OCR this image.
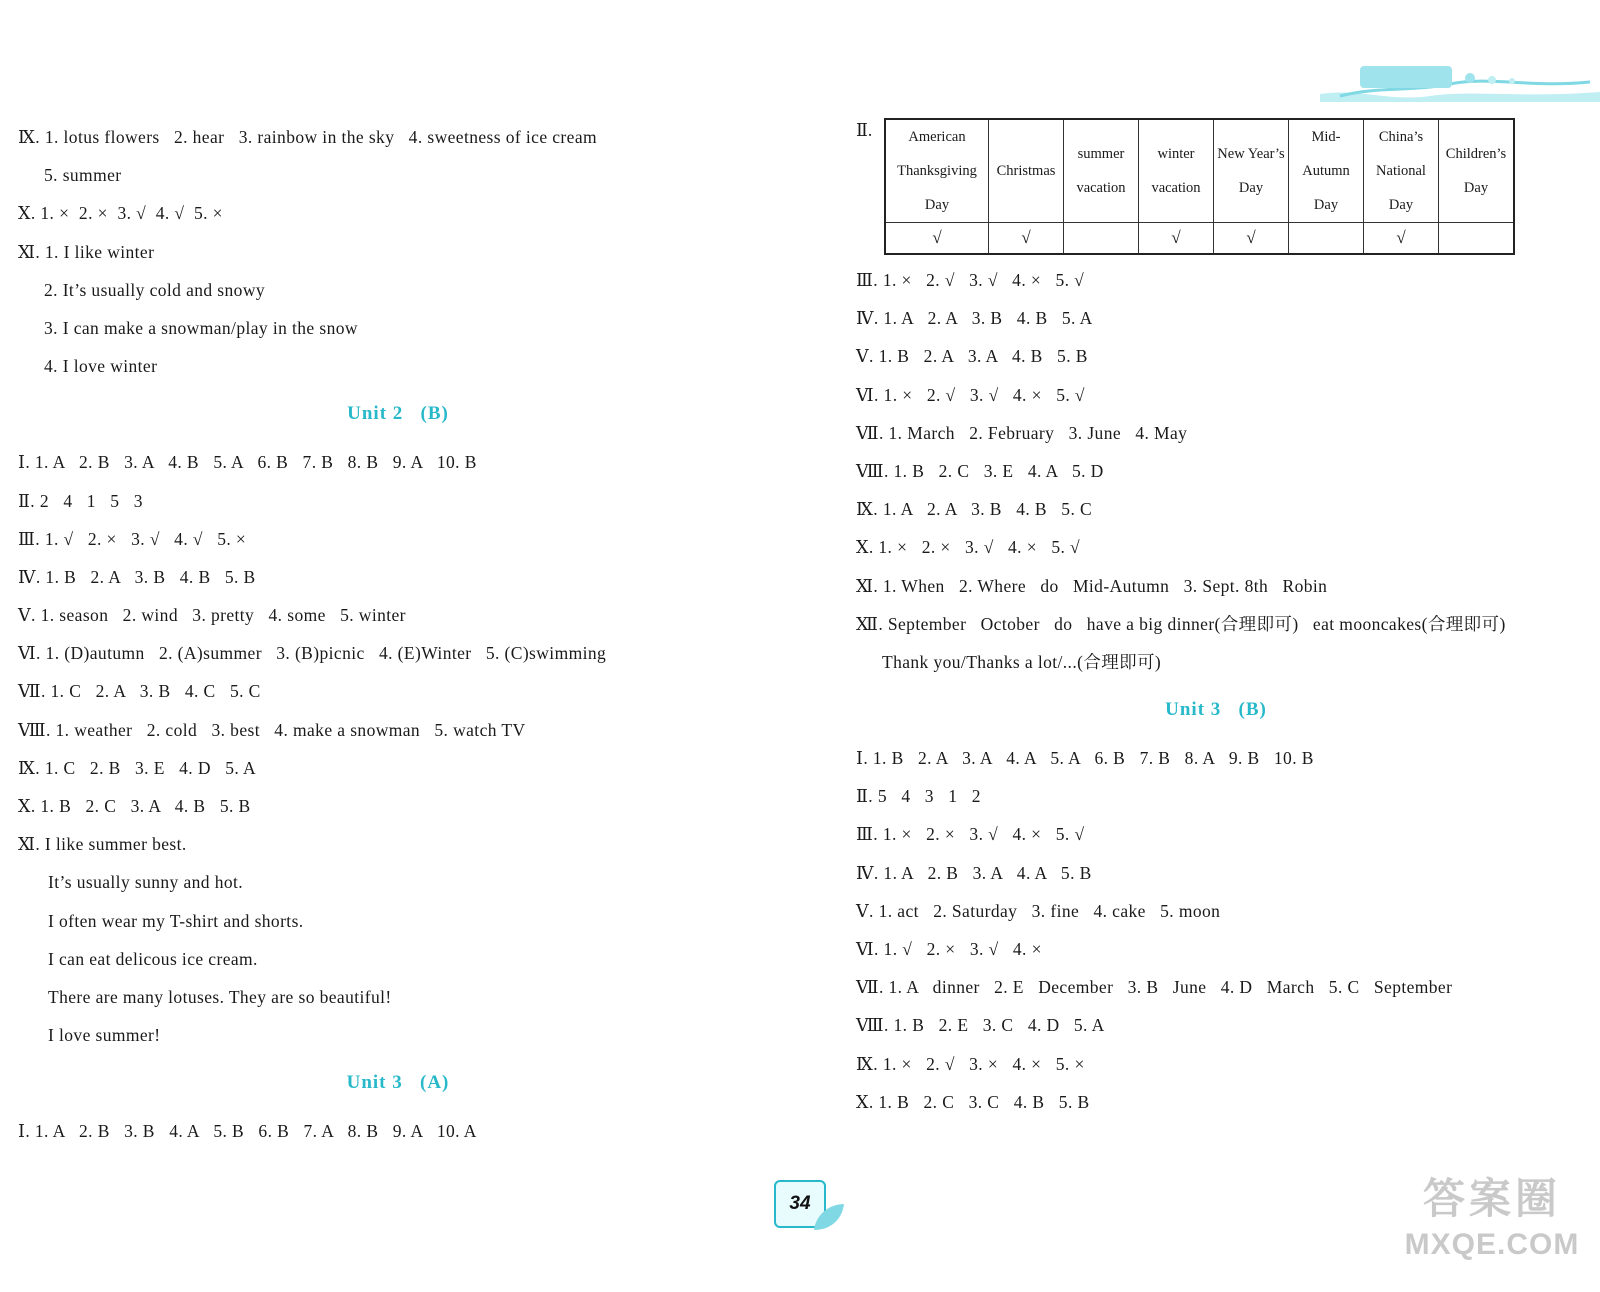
Ⅸ. 1. lotus flowers   2. hear   3. rainbow in the sky   4. sweetness of ice cream
5. summer
Ⅹ. 1. ×  2. ×  3. √  4. √  5. ×
Ⅺ. 1. I like winter
2. It’s usually cold and snowy
3. I can make a snowman/play in the snow
4. I love winter
Unit 2   (B)
Ⅰ. 1. A   2. B   3. A   4. B   5. A   6. B   7. B   8. B   9. A   10. B
Ⅱ. 2   4   1   5   3
Ⅲ. 1. √   2. ×   3. √   4. √   5. ×
Ⅳ. 1. B   2. A   3. B   4. B   5. B
Ⅴ. 1. season   2. wind   3. pretty   4. some   5. winter
Ⅵ. 1. (D)autumn   2. (A)summer   3. (B)picnic   4. (E)Winter   5. (C)swimming
Ⅶ. 1. C   2. A   3. B   4. C   5. C
Ⅷ. 1. weather   2. cold   3. best   4. make a snowman   5. watch TV
Ⅸ. 1. C   2. B   3. E   4. D   5. A
Ⅹ. 1. B   2. C   3. A   4. B   5. B
Ⅺ. I like summer best.
It’s usually sunny and hot.
I often wear my T-shirt and shorts.
I can eat delicous ice cream.
There are many lotuses. They are so beautiful!
I love summer!
Unit 3   (A)
Ⅰ. 1. A   2. B   3. B   4. A   5. B   6. B   7. A   8. B   9. A   10. A
Ⅱ.	American Thanksgiving Day	Christmas	summer vacation	winter vacation	New Year’s Day	Mid-Autumn Day	China’s National Day	Children’s Day
√	√		√	√		√	
Ⅲ. 1. ×   2. √   3. √   4. ×   5. √
Ⅳ. 1. A   2. A   3. B   4. B   5. A
Ⅴ. 1. B   2. A   3. A   4. B   5. B
Ⅵ. 1. ×   2. √   3. √   4. ×   5. √
Ⅶ. 1. March   2. February   3. June   4. May
Ⅷ. 1. B   2. C   3. E   4. A   5. D
Ⅸ. 1. A   2. A   3. B   4. B   5. C
Ⅹ. 1. ×   2. ×   3. √   4. ×   5. √
Ⅺ. 1. When   2. Where   do   Mid-Autumn   3. Sept. 8th   Robin
Ⅻ. September   October   do   have a big dinner(合理即可)   eat mooncakes(合理即可)
Thank you/Thanks a lot/...(合理即可)
Unit 3   (B)
Ⅰ. 1. B   2. A   3. A   4. A   5. A   6. B   7. B   8. A   9. B   10. B
Ⅱ. 5   4   3   1   2
Ⅲ. 1. ×   2. ×   3. √   4. ×   5. √
Ⅳ. 1. A   2. B   3. A   4. A   5. B
Ⅴ. 1. act   2. Saturday   3. fine   4. cake   5. moon
Ⅵ. 1. √   2. ×   3. √   4. ×
Ⅶ. 1. A   dinner   2. E   December   3. B   June   4. D   March   5. C   September
Ⅷ. 1. B   2. E   3. C   4. D   5. A
Ⅸ. 1. ×   2. √   3. ×   4. ×   5. ×
Ⅹ. 1. B   2. C   3. C   4. B   5. B
34	答案圈
MXQE.COM
